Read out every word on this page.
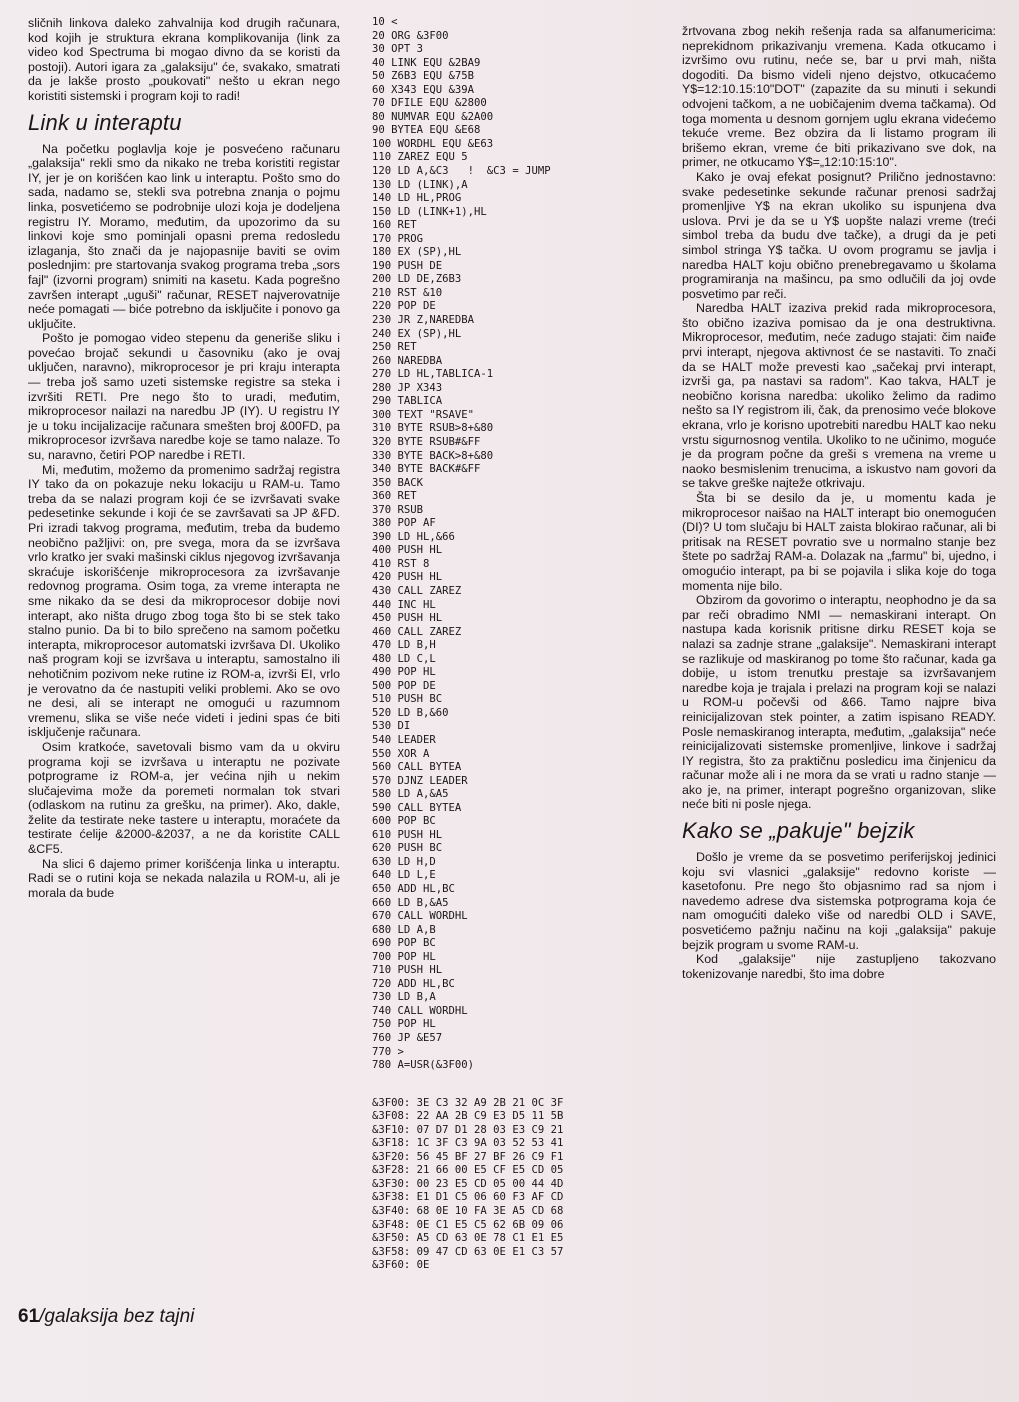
sličnih linkova daleko zahvalnija kod drugih računara, kod kojih je struktura ekrana komplikovanija (link za video kod Spectruma bi mogao divno da se koristi da postoji). Autori igara za „galaksiju" će, svakako, smatrati da je lakše prosto „poukovati" nešto u ekran nego koristiti sistemski i program koji to radi!

Link u interaptu

Na početku poglavlja koje je posvećeno računaru „galaksija" rekli smo da nikako ne treba koristiti registar IY, jer je on korišćen kao link u interaptu. Pošto smo do sada, nadamo se, stekli sva potrebna znanja o pojmu linka, posvetićemo se podrobnije ulozi koja je dodeljena registru IY. Moramo, međutim, da upozorimo da su linkovi koje smo pominjali opasni prema redosledu izlaganja, što znači da je najopasnije baviti se ovim poslednjim: pre startovanja svakog programa treba „sors fajl" (izvorni program) snimiti na kasetu. Kada pogrešno završen interapt „uguši" računar, RESET najverovatnije neće pomagati — biće potrebno da isključite i ponovo ga uključite.

Pošto je pomogao video stepenu da generiše sliku i povećao brojač sekundi u časovniku (ako je ovaj uključen, naravno), mikroprocesor je pri kraju interapta — treba još samo uzeti sistemske registre sa steka i izvršiti RETI. Pre nego što to uradi, međutim, mikroprocesor nailazi na naredbu JP (IY). U registru IY je u toku incijalizacije računara smešten broj &00FD, pa mikroprocesor izvršava naredbe koje se tamo nalaze. To su, naravno, četiri POP naredbe i RETI.

Mi, međutim, možemo da promenimo sadržaj registra IY tako da on pokazuje neku lokaciju u RAM-u. Tamo treba da se nalazi program koji će se izvršavati svake pedesetinke sekunde i koji će se završavati sa JP &FD. Pri izradi takvog programa, međutim, treba da budemo neobično pažljivi: on, pre svega, mora da se izvršava vrlo kratko jer svaki mašinski ciklus njegovog izvršavanja skraćuje iskorišćenje mikroprocesora za izvršavanje redovnog programa. Osim toga, za vreme interapta ne sme nikako da se desi da mikroprocesor dobije novi interapt, ako ništa drugo zbog toga što bi se stek tako stalno punio. Da bi to bilo sprečeno na samom početku interapta, mikroprocesor automatski izvršava DI. Ukoliko naš program koji se izvršava u interaptu, samostalno ili nehotičnim pozivom neke rutine iz ROM-a, izvrši EI, vrlo je verovatno da će nastupiti veliki problemi. Ako se ovo ne desi, ali se interapt ne omogući u razumnom vremenu, slika se više neće videti i jedini spas će biti isključenje računara.

Osim kratkoće, savetovali bismo vam da u okviru programa koji se izvršava u interaptu ne pozivate potprograme iz ROM-a, jer većina njih u nekim slučajevima može da poremeti normalan tok stvari (odlaskom na rutinu za grešku, na primer). Ako, dakle, želite da testirate neke tastere u interaptu, moraćete da testirate ćelije &2000-&2037, a ne da koristite CALL &CF5.

Na slici 6 dajemo primer korišćenja linka u interaptu. Radi se o rutini koja se nekada nalazila u ROM-u, ali je morala da bude

10 <
20 ORG &3F00
30 OPT 3
40 LINK EQU &2BA9
50 Z6B3 EQU &75B
60 X343 EQU &39A
70 DFILE EQU &2800
80 NUMVAR EQU &2A00
90 BYTEA EQU &E68
100 WORDHL EQU &E63
110 ZAREZ EQU 5
120 LD A,&C3   !  &C3 = JUMP
130 LD (LINK),A
140 LD HL,PROG
150 LD (LINK+1),HL
160 RET
170 PROG
180 EX (SP),HL
190 PUSH DE
200 LD DE,Z6B3
210 RST &10
220 POP DE
230 JR Z,NAREDBA
240 EX (SP),HL
250 RET
260 NAREDBA
270 LD HL,TABLICA-1
280 JP X343
290 TABLICA
300 TEXT "RSAVE"
310 BYTE RSUB>8+&80
320 BYTE RSUB#&FF
330 BYTE BACK>8+&80
340 BYTE BACK#&FF
350 BACK
360 RET
370 RSUB
380 POP AF
390 LD HL,&66
400 PUSH HL
410 RST 8
420 PUSH HL
430 CALL ZAREZ
440 INC HL
450 PUSH HL
460 CALL ZAREZ
470 LD B,H
480 LD C,L
490 POP HL
500 POP DE
510 PUSH BC
520 LD B,&60
530 DI
540 LEADER
550 XOR A
560 CALL BYTEA
570 DJNZ LEADER
580 LD A,&A5
590 CALL BYTEA
600 POP BC
610 PUSH HL
620 PUSH BC
630 LD H,D
640 LD L,E
650 ADD HL,BC
660 LD B,&A5
670 CALL WORDHL
680 LD A,B
690 POP BC
700 POP HL
710 PUSH HL
720 ADD HL,BC
730 LD B,A
740 CALL WORDHL
750 POP HL
760 JP &E57
770 >
780 A=USR(&3F00)
&3F00: 3E C3 32 A9 2B 21 0C 3F
&3F08: 22 AA 2B C9 E3 D5 11 5B
&3F10: 07 D7 D1 28 03 E3 C9 21
&3F18: 1C 3F C3 9A 03 52 53 41
&3F20: 56 45 BF 27 BF 26 C9 F1
&3F28: 21 66 00 E5 CF E5 CD 05
&3F30: 00 23 E5 CD 05 00 44 4D
&3F38: E1 D1 C5 06 60 F3 AF CD
&3F40: 68 0E 10 FA 3E A5 CD 68
&3F48: 0E C1 E5 C5 62 6B 09 06
&3F50: A5 CD 63 0E 78 C1 E1 E5
&3F58: 09 47 CD 63 0E E1 C3 57
&3F60: 0E

žrtvovana zbog nekih rešenja rada sa alfanumericima: neprekidnom prikazivanju vremena. Kada otkucamo i izvršimo ovu rutinu, neće se, bar u prvi mah, ništa dogoditi. Da bismo videli njeno dejstvo, otkucaćemo Y$=12:10.15:10"DOT" (zapazite da su minuti i sekundi odvojeni tačkom, a ne uobičajenim dvema tačkama). Od toga momenta u desnom gornjem uglu ekrana videćemo tekuće vreme. Bez obzira da li listamo program ili brišemo ekran, vreme će biti prikazivano sve dok, na primer, ne otkucamo Y$=„12:10:15:10".

Kako je ovaj efekat posignut? Prilično jednostavno: svake pedesetinke sekunde računar prenosi sadržaj promenljive Y$ na ekran ukoliko su ispunjena dva uslova. Prvi je da se u Y$ uopšte nalazi vreme (treći simbol treba da budu dve tačke), a drugi da je peti simbol stringa Y$ tačka. U ovom programu se javlja i naredba HALT koju obično prenebregavamo u školama programiranja na mašincu, pa smo odlučili da joj ovde posvetimo par reči.

Naredba HALT izaziva prekid rada mikroprocesora, što obično izaziva pomisao da je ona destruktivna. Mikroprocesor, međutim, neće zadugo stajati: čim naiđe prvi interapt, njegova aktivnost će se nastaviti. To znači da se HALT može prevesti kao „sačekaj prvi interapt, izvrši ga, pa nastavi sa radom". Kao takva, HALT je neobično korisna naredba: ukoliko želimo da radimo nešto sa IY registrom ili, čak, da prenosimo veće blokove ekrana, vrlo je korisno upotrebiti naredbu HALT kao neku vrstu sigurnosnog ventila. Ukoliko to ne učinimo, moguće je da program počne da greši s vremena na vreme u naoko besmislenim trenucima, a iskustvo nam govori da se takve greške najteže otkrivaju.

Šta bi se desilo da je, u momentu kada je mikroprocesor naišao na HALT interapt bio onemogućen (DI)? U tom slučaju bi HALT zaista blokirao računar, ali bi pritisak na RESET povratio sve u normalno stanje bez štete po sadržaj RAM-a. Dolazak na „farmu" bi, ujedno, i omogućio interapt, pa bi se pojavila i slika koje do toga momenta nije bilo.

Obzirom da govorimo o interaptu, neophodno je da sa par reči obradimo NMI — nemaskirani interapt. On nastupa kada korisnik pritisne dirku RESET koja se nalazi sa zadnje strane „galaksije". Nemaskirani interapt se razlikuje od maskiranog po tome što računar, kada ga dobije, u istom trenutku prestaje sa izvršavanjem naredbe koja je trajala i prelazi na program koji se nalazi u ROM-u počevši od &66. Tamo najpre biva reinicijalizovan stek pointer, a zatim ispisano READY. Posle nemaskiranog interapta, međutim, „galaksija" neće reinicijalizovati sistemske promenljive, linkove i sadržaj IY registra, što za praktičnu posledicu ima činjenicu da računar može ali i ne mora da se vrati u radno stanje — ako je, na primer, interapt pogrešno organizovan, slike neće biti ni posle njega.

Kako se „pakuje" bejzik

Došlo je vreme da se posvetimo periferijskoj jedinici koju svi vlasnici „galaksije" redovno koriste — kasetofonu. Pre nego što objasnimo rad sa njom i navedemo adrese dva sistemska potprograma koja će nam omogućiti daleko više od naredbi OLD i SAVE, posvetićemo pažnju načinu na koji „galaksija" pakuje bejzik program u svome RAM-u.

Kod „galaksije" nije zastupljeno takozvano tokenizovanje naredbi, što ima dobre

61/galaksija bez tajni
